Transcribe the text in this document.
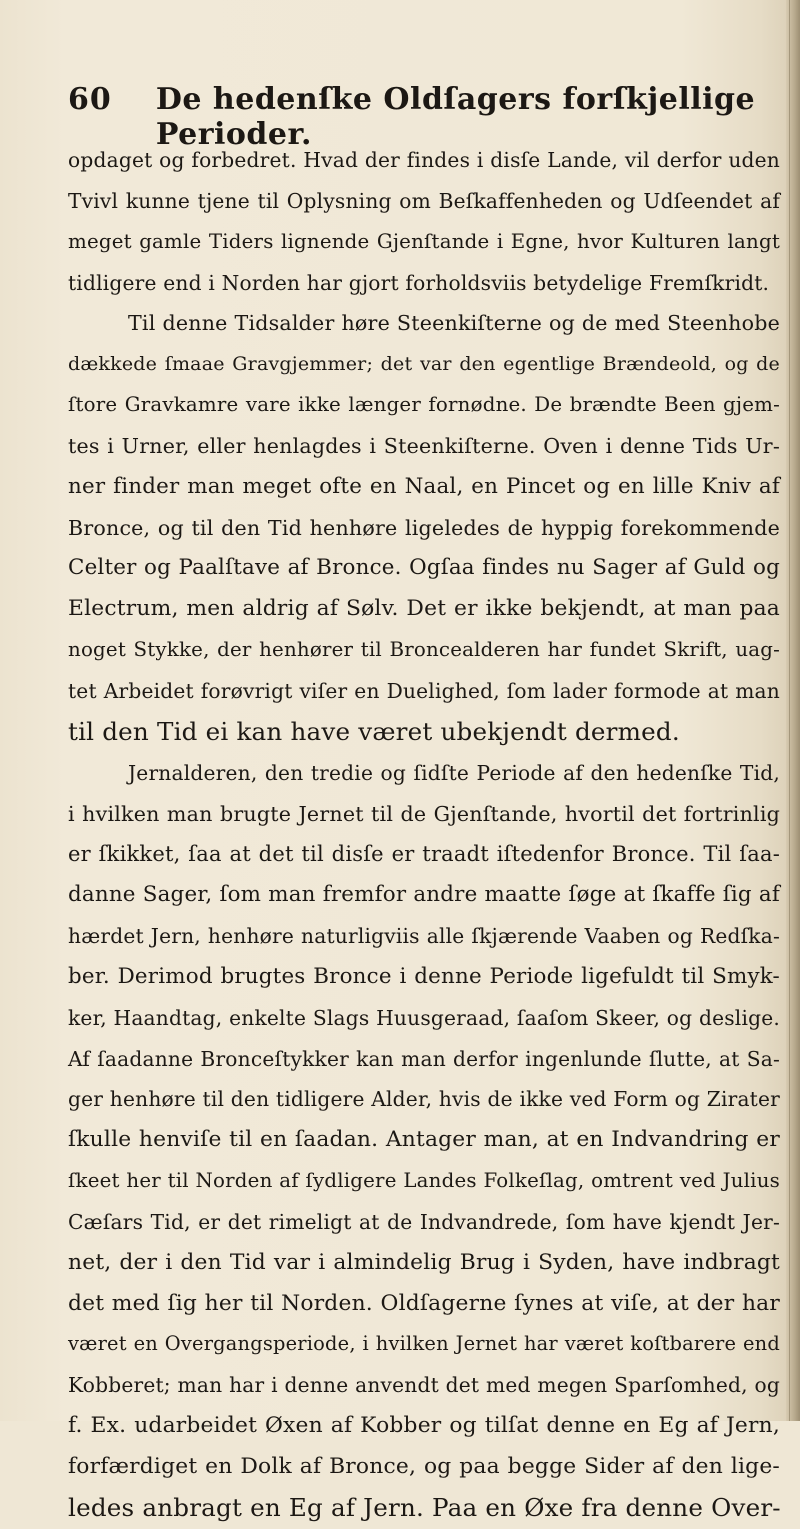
60	De hedenſke Oldſagers forſkjellige Perioder.
opdaget og forbedret. Hvad der findes i disſe Lande, vil derfor uden
Tvivl kunne tjene til Oplysning om Beſkaffenheden og Udſeendet af
meget gamle Tiders lignende Gjenſtande i Egne, hvor Kulturen langt
tidligere end i Norden har gjort forholdsviis betydelige Fremſkridt.
Til denne Tidsalder høre Steenkiſterne og de med Steenhobe
dækkede ſmaae Gravgjemmer; det var den egentlige Brændeold, og de
ſtore Gravkamre vare ikke længer fornødne. De brændte Been gjem-
tes i Urner, eller henlagdes i Steenkiſterne. Oven i denne Tids Ur-
ner finder man meget ofte en Naal, en Pincet og en lille Kniv af
Bronce, og til den Tid henhøre ligeledes de hyppig forekommende
Celter og Paalſtave af Bronce. Ogſaa findes nu Sager af Guld og
Electrum, men aldrig af Sølv. Det er ikke bekjendt, at man paa
noget Stykke, der henhører til Broncealderen har fundet Skrift, uag-
tet Arbeidet forøvrigt viſer en Duelighed, ſom lader formode at man
til den Tid ei kan have været ubekjendt dermed.
Jernalderen, den tredie og ſidſte Periode af den hedenſke Tid,
i hvilken man brugte Jernet til de Gjenſtande, hvortil det fortrinlig
er ſkikket, ſaa at det til disſe er traadt iſtedenfor Bronce. Til ſaa-
danne Sager, ſom man fremfor andre maatte ſøge at ſkaffe ſig af
hærdet Jern, henhøre naturligviis alle ſkjærende Vaaben og Redſka-
ber. Derimod brugtes Bronce i denne Periode ligefuldt til Smyk-
ker, Haandtag, enkelte Slags Huusgeraad, ſaaſom Skeer, og deslige.
Af ſaadanne Bronceſtykker kan man derfor ingenlunde ſlutte, at Sa-
ger henhøre til den tidligere Alder, hvis de ikke ved Form og Zirater
ſkulle henviſe til en ſaadan. Antager man, at en Indvandring er
ſkeet her til Norden af ſydligere Landes Folkeſlag, omtrent ved Julius
Cæſars Tid, er det rimeligt at de Indvandrede, ſom have kjendt Jer-
net, der i den Tid var i almindelig Brug i Syden, have indbragt
det med ſig her til Norden. Oldſagerne ſynes at viſe, at der har
været en Overgangsperiode, i hvilken Jernet har været koſtbarere end
Kobberet; man har i denne anvendt det med megen Sparſomhed, og
f. Ex. udarbeidet Øxen af Kobber og tilſat denne en Eg af Jern,
forfærdiget en Dolk af Bronce, og paa begge Sider af den lige-
ledes anbragt en Eg af Jern. Paa en Øxe fra denne Over-
